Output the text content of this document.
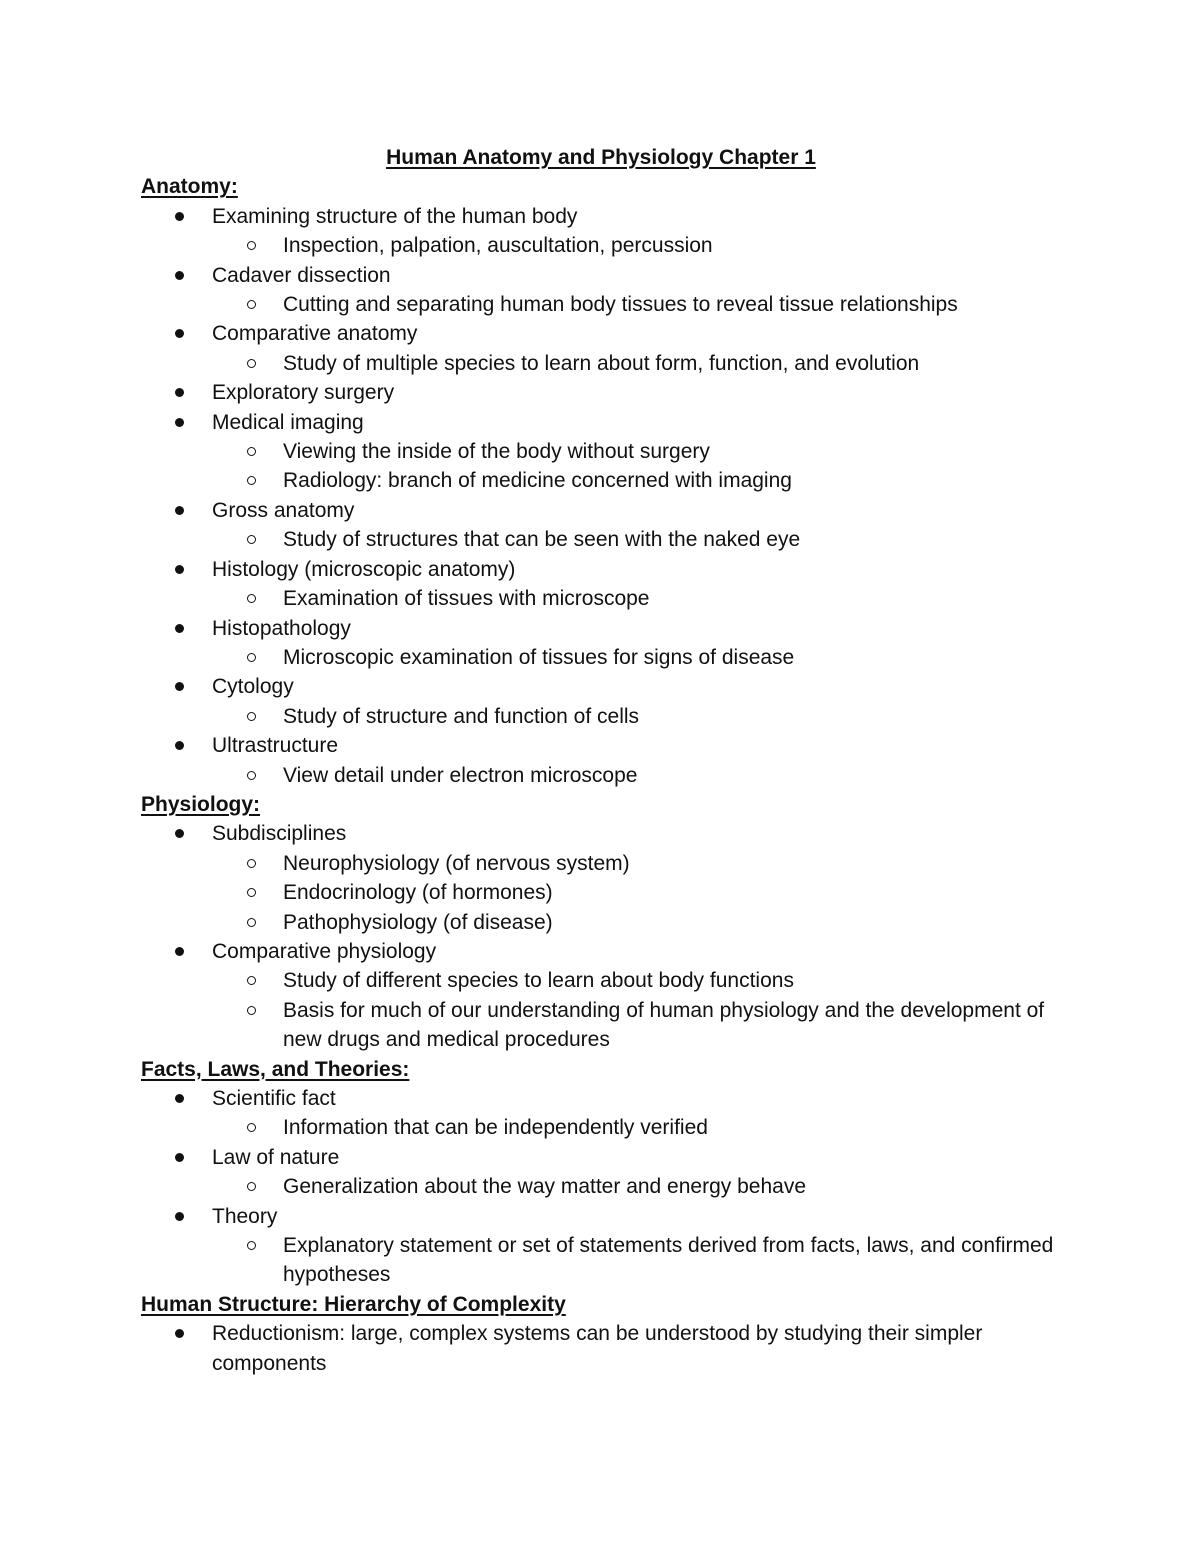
Human Anatomy and Physiology Chapter 1
Anatomy:
Examining structure of the human body
Inspection, palpation, auscultation, percussion
Cadaver dissection
Cutting and separating human body tissues to reveal tissue relationships
Comparative anatomy
Study of multiple species to learn about form, function, and evolution
Exploratory surgery
Medical imaging
Viewing the inside of the body without surgery
Radiology: branch of medicine concerned with imaging
Gross anatomy
Study of structures that can be seen with the naked eye
Histology (microscopic anatomy)
Examination of tissues with microscope
Histopathology
Microscopic examination of tissues for signs of disease
Cytology
Study of structure and function of cells
Ultrastructure
View detail under electron microscope
Physiology:
Subdisciplines
Neurophysiology (of nervous system)
Endocrinology (of hormones)
Pathophysiology (of disease)
Comparative physiology
Study of different species to learn about body functions
Basis for much of our understanding of human physiology and the development of new drugs and medical procedures
Facts, Laws, and Theories:
Scientific fact
Information that can be independently verified
Law of nature
Generalization about the way matter and energy behave
Theory
Explanatory statement or set of statements derived from facts, laws, and confirmed hypotheses
Human Structure: Hierarchy of Complexity
Reductionism: large, complex systems can be understood by studying their simpler components
